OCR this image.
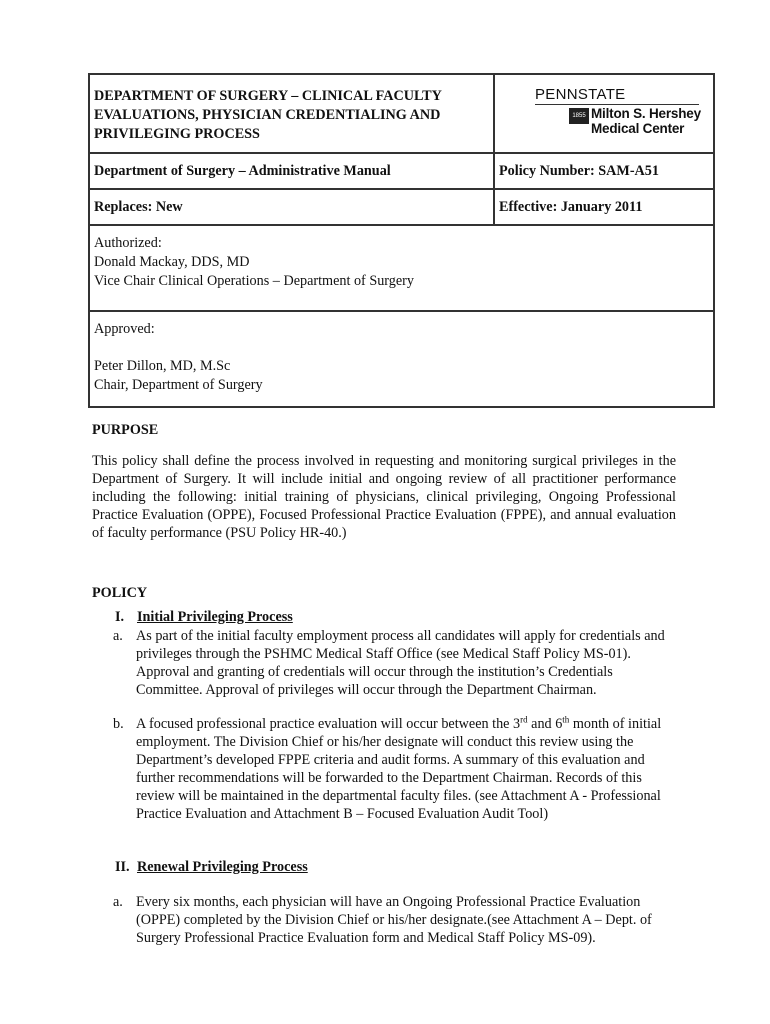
DEPARTMENT OF SURGERY – CLINICAL FACULTY EVALUATIONS, PHYSICIAN CREDENTIALING AND PRIVILEGING PROCESS
PENNSTATE
1855 Milton S. Hershey
Medical Center
Department of Surgery – Administrative Manual	Policy Number: SAM-A51
Replaces: New	Effective: January 2011
Authorized:
Donald Mackay, DDS, MD
Vice Chair Clinical Operations – Department of Surgery
Approved:
Peter Dillon, MD, M.Sc
Chair, Department of Surgery
PURPOSE
This policy shall define the process involved in requesting and monitoring surgical privileges in the Department of Surgery. It will include initial and ongoing review of all practitioner performance including the following: initial training of physicians, clinical privileging, Ongoing Professional Practice Evaluation (OPPE), Focused Professional Practice Evaluation (FPPE), and annual evaluation of faculty performance (PSU Policy HR-40.)
POLICY
I. Initial Privileging Process
a. As part of the initial faculty employment process all candidates will apply for credentials and privileges through the PSHMC Medical Staff Office (see Medical Staff Policy MS-01). Approval and granting of credentials will occur through the institution’s Credentials Committee. Approval of privileges will occur through the Department Chairman.
b. A focused professional practice evaluation will occur between the 3rd and 6th month of initial employment. The Division Chief or his/her designate will conduct this review using the Department’s developed FPPE criteria and audit forms. A summary of this evaluation and further recommendations will be forwarded to the Department Chairman. Records of this review will be maintained in the departmental faculty files. (see Attachment A - Professional Practice Evaluation and Attachment B – Focused Evaluation Audit Tool)
II. Renewal Privileging Process
a. Every six months, each physician will have an Ongoing Professional Practice Evaluation (OPPE) completed by the Division Chief or his/her designate.(see Attachment A – Dept. of Surgery Professional Practice Evaluation form and Medical Staff Policy MS-09).
